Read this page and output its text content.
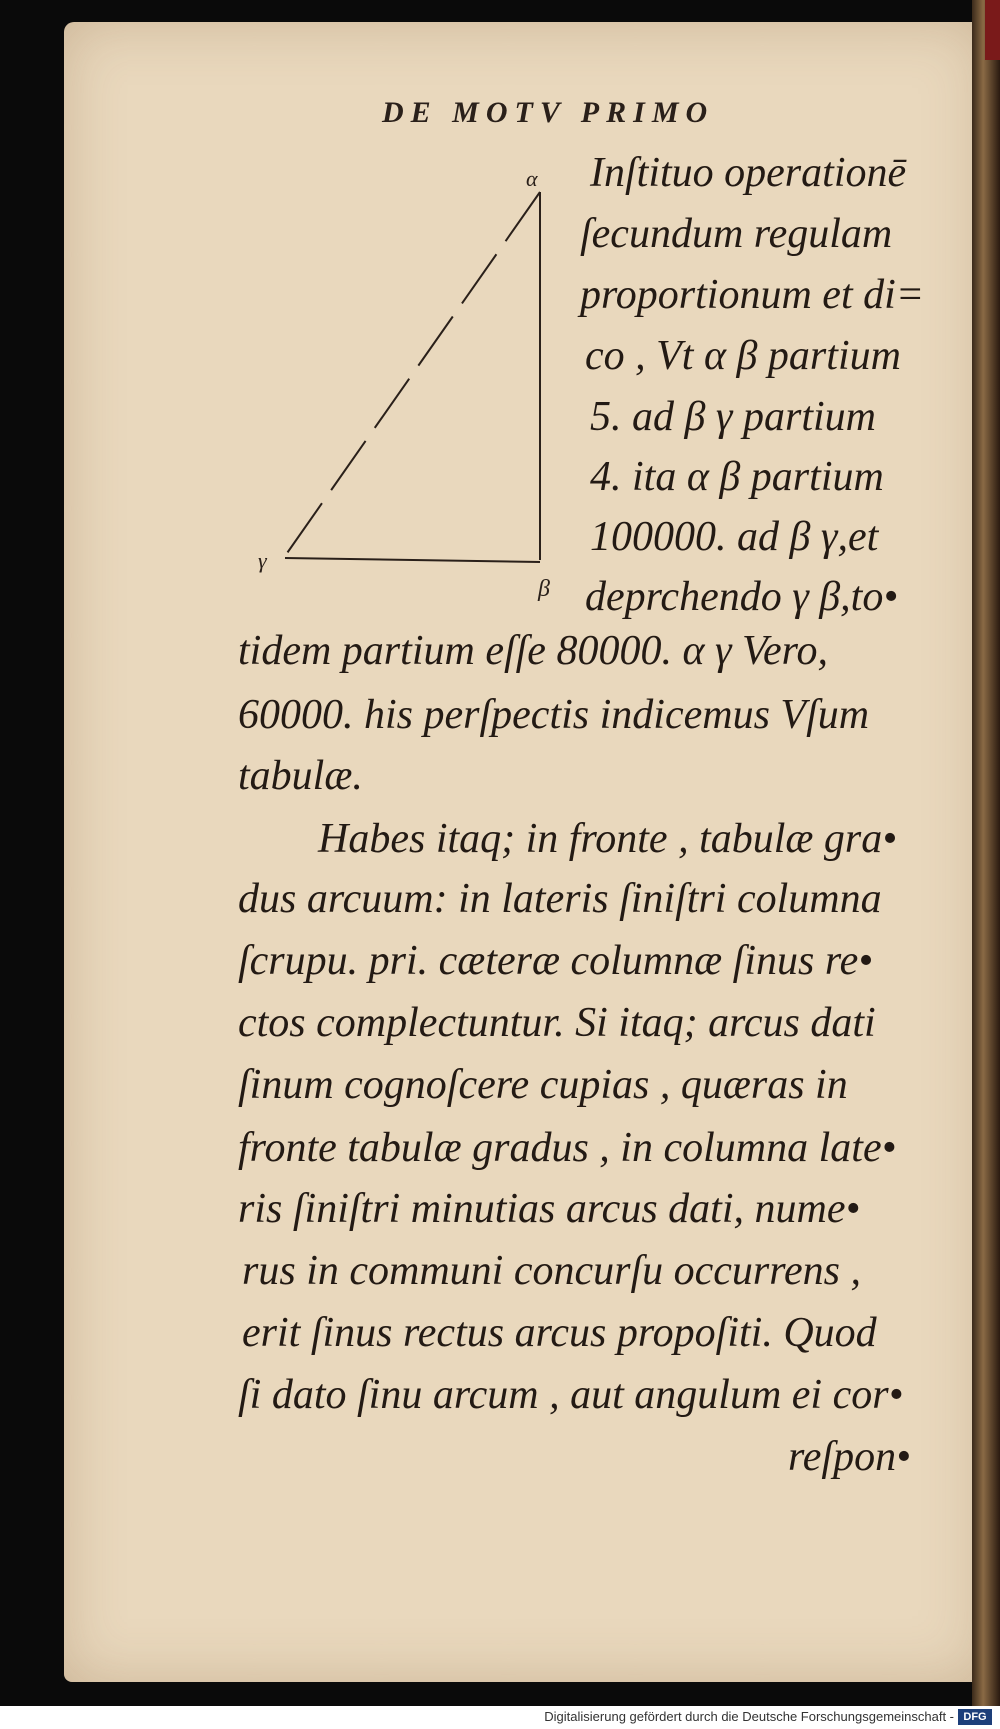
DE MOTV PRIMO
α
γ
β
Inſtituo operationē
ſecundum regulam
proportionum et di=
co , Vt α β partium
5. ad β γ partium
4. ita α β partium
100000. ad β γ,et
deprchendo γ β,to•
tidem partium eſſe 80000. α γ Vero,
60000. his perſpectis indicemus Vſum
tabulæ.
Habes itaq; in fronte , tabulæ gra•
dus arcuum: in lateris ſiniſtri columna
ſcrupu. pri. cæteræ columnæ ſinus re•
ctos complectuntur. Si itaq; arcus dati
ſinum cognoſcere cupias , quæras in
fronte tabulæ gradus , in columna late•
ris ſiniſtri minutias arcus dati, nume•
rus in communi concurſu occurrens ,
erit ſinus rectus arcus propoſiti. Quod
ſi dato ſinu arcum , aut angulum ei cor•
reſpon•
Digitalisierung gefördert durch die Deutsche Forschungsgemeinschaft - DFG
